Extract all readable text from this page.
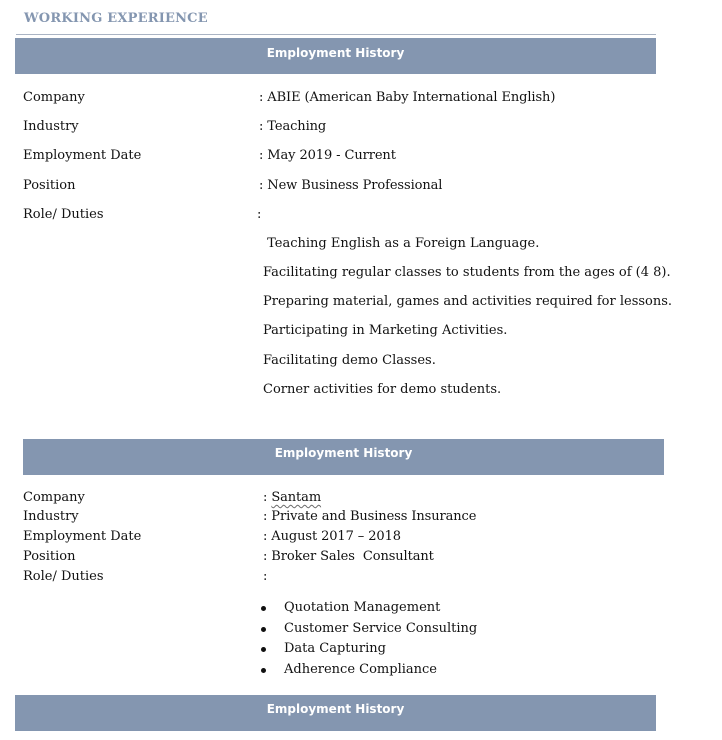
WORKING EXPERIENCE
Employment History
Company	: ABIE (American Baby International English)
Industry	: Teaching
Employment Date	: May 2019 - Current
Position	: New Business Professional
Role/ Duties	:
Teaching English as a Foreign Language.
Facilitating regular classes to students from the ages of (4 8).
Preparing material, games and activities required for lessons.
Participating in Marketing Activities.
Facilitating demo Classes.
Corner activities for demo students.
Employment History
Company	: Santam
Industry	: Private and Business Insurance
Employment Date	: August 2017 – 2018
Position	: Broker Sales  Consultant
Role/ Duties	:
Quotation Management
Customer Service Consulting
Data Capturing
Adherence Compliance
Employment History
